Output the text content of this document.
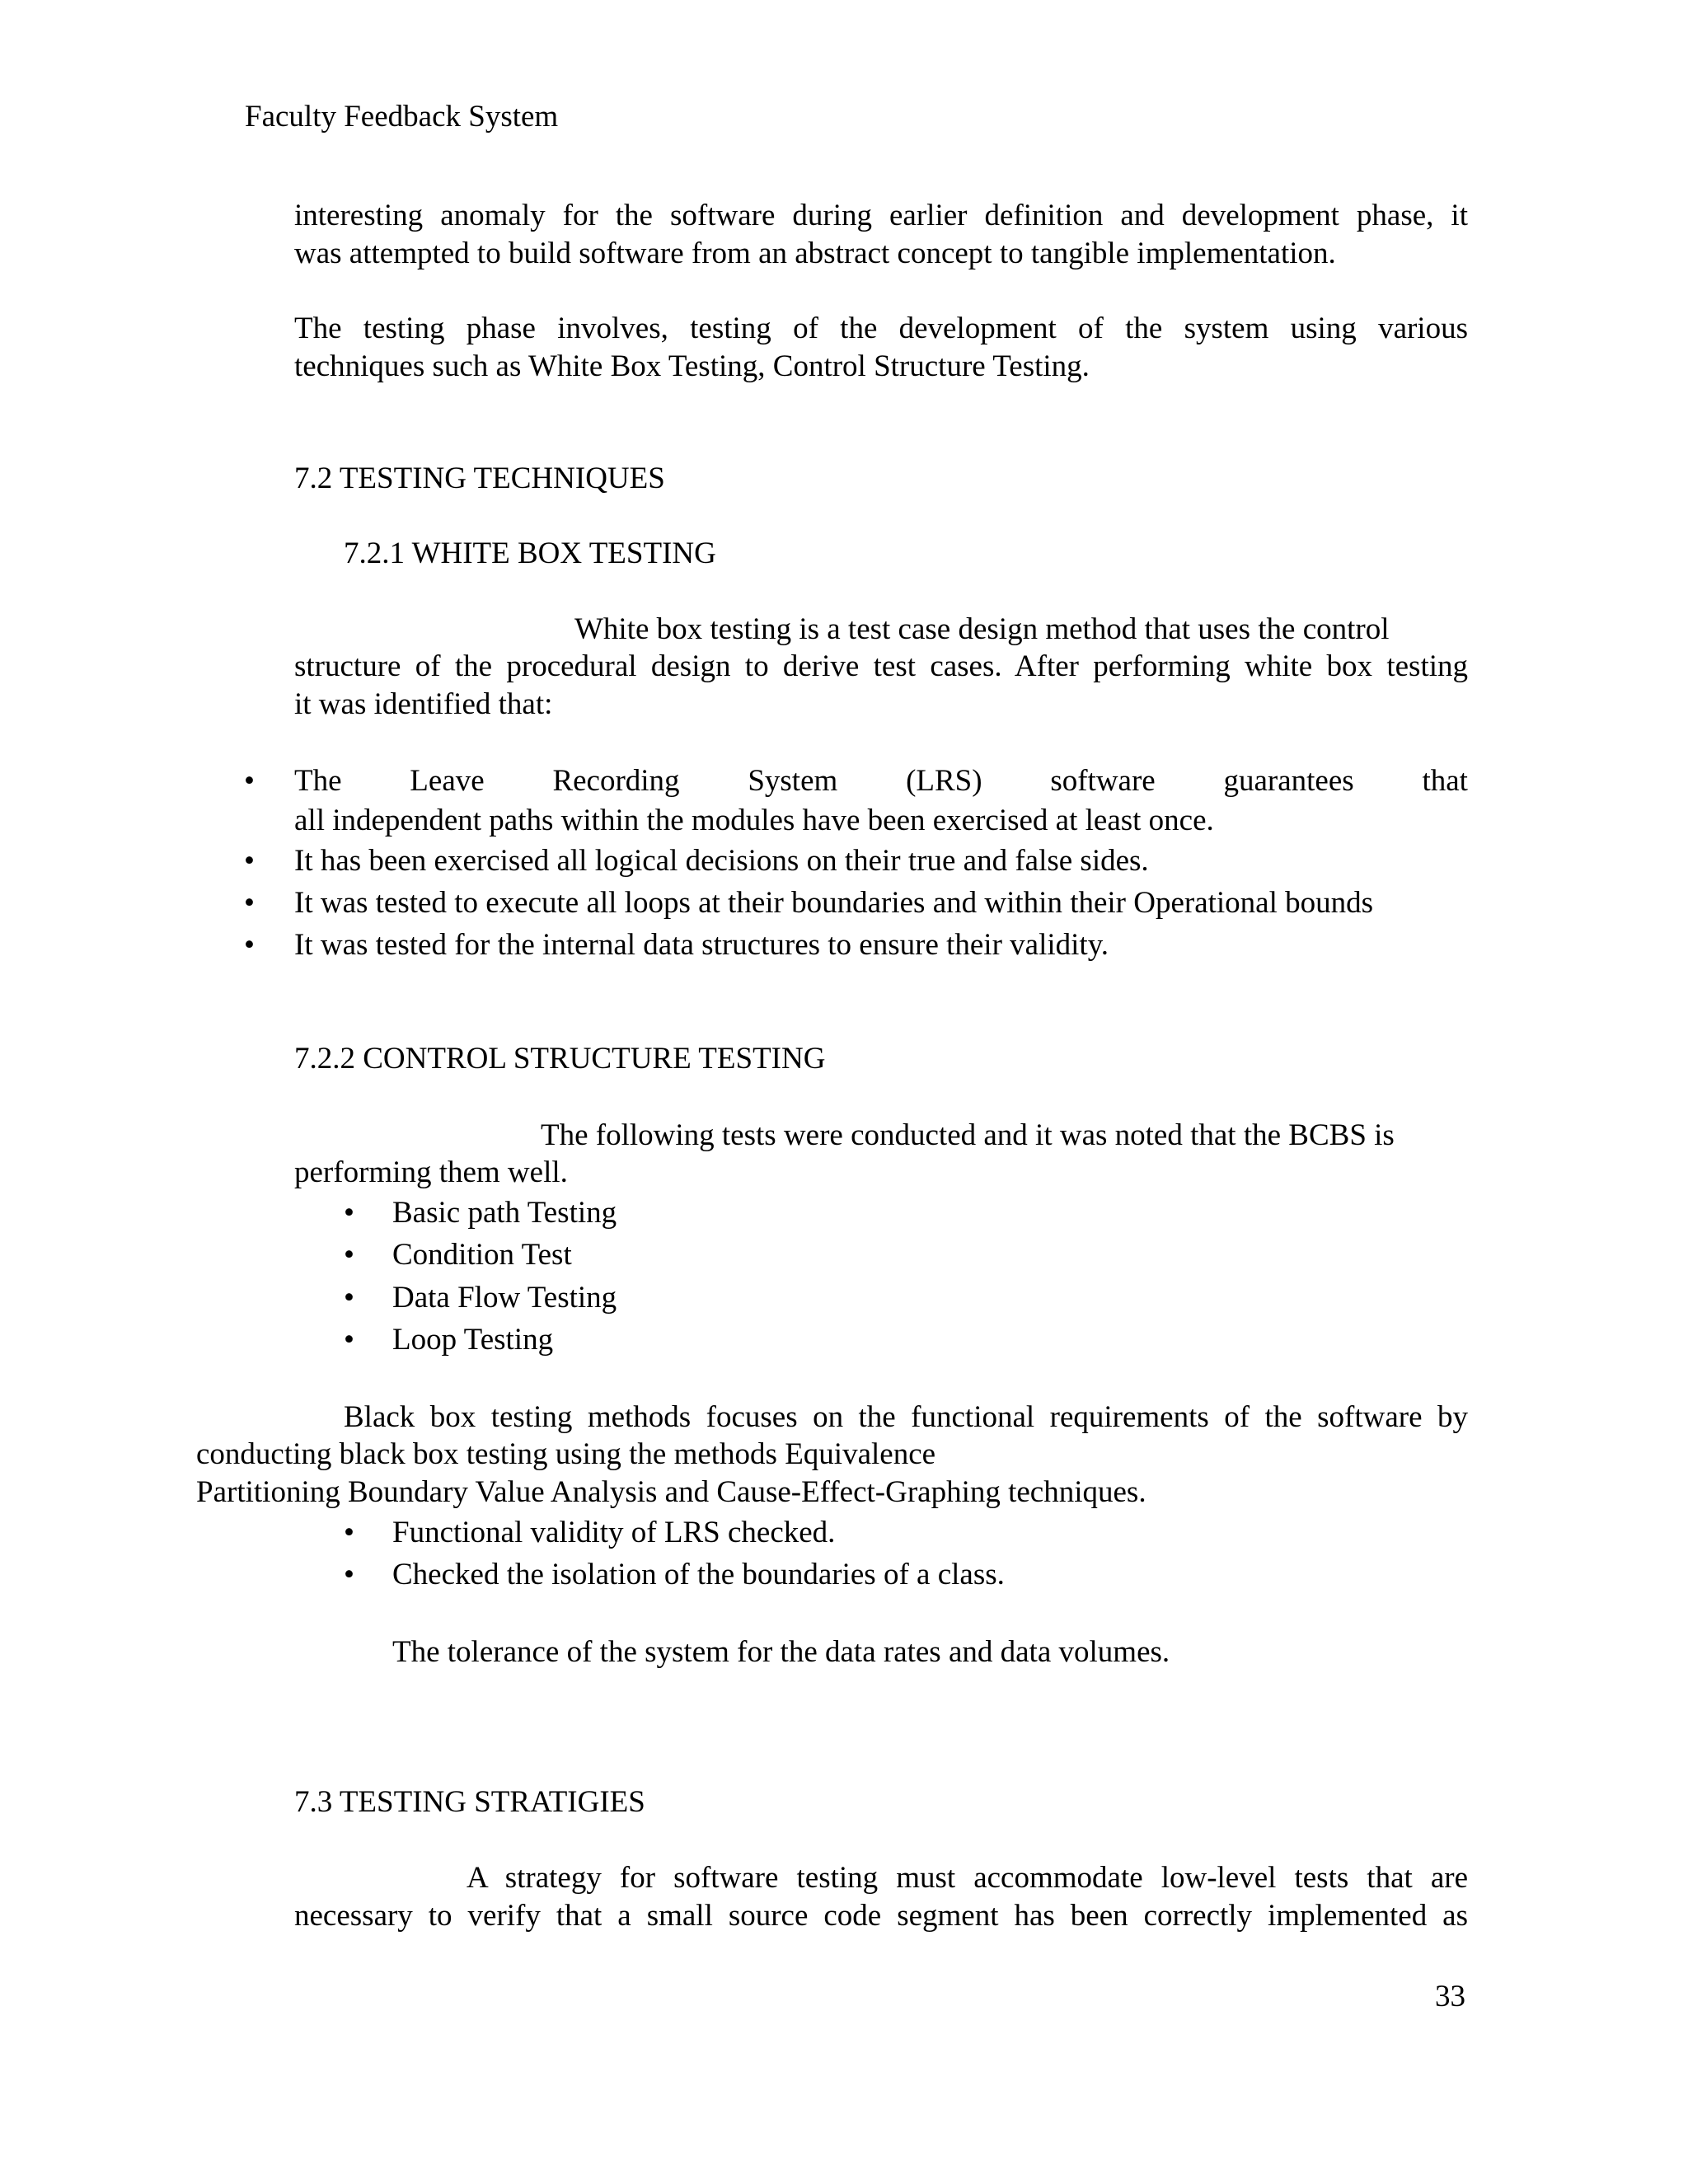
Faculty Feedback System
interesting anomaly for the software during earlier definition and development phase, it
was attempted to build software from an abstract concept to tangible implementation.
The testing phase involves, testing of the development of the system using various
techniques such as White Box Testing, Control Structure Testing.
7.2 TESTING TECHNIQUES
7.2.1 WHITE BOX TESTING
White box testing is a test case design method that uses the control
structure of the procedural design to derive test cases. After performing white box testing
it was identified that:
•
The Leave Recording System (LRS) software guarantees that
all independent paths within the modules have been exercised at least once.
•
It has been exercised all logical decisions on their true and false sides.
•
It was tested to execute all loops at their boundaries and within their Operational bounds
•
It was tested for the internal data structures to ensure their validity.
7.2.2 CONTROL STRUCTURE TESTING
The following tests were conducted and it was noted that the BCBS is
performing them well.
•
Basic path Testing
•
Condition Test
•
Data Flow Testing
•
Loop Testing
Black box testing methods focuses on the functional requirements of the software by
conducting black box testing using the methods Equivalence
Partitioning Boundary Value Analysis and Cause-Effect-Graphing techniques.
•
Functional validity of LRS checked.
•
Checked the isolation of the boundaries of a class.
The tolerance of the system for the data rates and data volumes.
7.3 TESTING STRATIGIES
A strategy for software testing must accommodate low-level tests that are
necessary to verify that a small source code segment has been correctly implemented as
33
